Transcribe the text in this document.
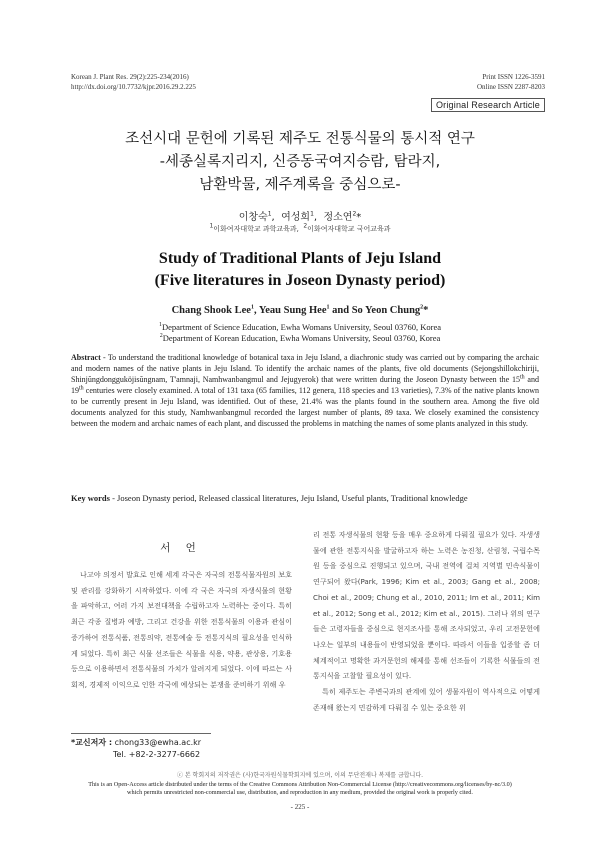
Korean J. Plant Res. 29(2):225-234(2016)
http://dx.doi.org/10.7732/kjpr.2016.29.2.225
Print ISSN 1226-3591
Online ISSN 2287-8203
Original Research Article
조선시대 문헌에 기록된 제주도 전통식물의 통시적 연구
-세종실록지리지, 신증동국여지승람, 탐라지,
남환박물, 제주계록을 중심으로-
이창숙$^1$,  여성희$^1$,  정소연$^2$*
$^1$이화여자대학교 과학교육과, $^2$이화여자대학교 국어교육과
Study of Traditional Plants of Jeju Island
(Five literatures in Joseon Dynasty period)
Chang Shook Lee$^1$, Yeau Sung Hee$^1$ and So Yeon Chung$^2$*
$^1$Department of Science Education, Ewha Womans University, Seoul 03760, Korea
$^2$Department of Korean Education, Ewha Womans University, Seoul 03760, Korea
Abstract - To understand the traditional knowledge of botanical taxa in Jeju Island, a diachronic study was carried out by comparing the archaic and modern names of the native plants in Jeju Island. To identify the archaic names of the plants, five old documents (Sejongshillokchiriji, Shinjŭngdongguköjisŭngnam, T'amnaji, Namhwanbangmul and Jejugyerok) that were written during the Joseon Dynasty between the 15th and 19th centuries were closely examined. A total of 131 taxa (65 families, 112 genera, 118 species and 13 varieties), 7.3% of the native plants known to be currently present in Jeju Island, was identified. Out of these, 21.4% was the plants found in the southern area. Among the five old documents analyzed for this study, Namhwanbangmul recorded the largest number of plants, 89 taxa. We closely examined the consistency between the modern and archaic names of each plant, and discussed the problems in matching the names of some plants analyzed in this study.
Key words - Joseon Dynasty period, Released classical literatures, Jeju Island, Useful plants, Traditional knowledge
서 언

나고야 의정서 발효로 인해 세계 각국은 자국의 전통식물자원의 보호 및 관리를 강화하기 시작하였다. 이에 각 국은 자국의 자생식물의 현황을 파악하고, 여러 가지 보전대책을 수립하고자 노력하는 중이다. 특히 최근 각종 질병과 예방, 그리고 건강을 위한 전통식물의 이용과 관심이 증가하여 전통식품, 전통의약, 전통예술 등 전통지식의 필요성을 인식하게 되었다. 특히 최근 식물 선조들은 식물을 식용, 약용, 관상용, 기호용 등으로 이용하면서 전통식물의 가치가 알려지게 되었다. 이에 따르는 사회적, 경제적 이익으로 인한 각국에 예상되는 분쟁을 준비하기 위해 우

리 전통 자생식물의 현황 등을 매우 중요하게 다뤄질 필요가 있다. 자생생물에 관한 전통지식을 발굴하고자 하는 노력은 농진청, 산림청, 국립수목원 등을 중심으로 진행되고 있으며, 국내 전역에 걸쳐 지역별 민속식물이 연구되어 왔다(Park, 1996; Kim et al., 2003; Gang et al., 2008; Choi et al., 2009; Chung et al., 2010, 2011; Im et al., 2011; Kim et al., 2012; Song et al., 2012; Kim et al., 2015). 그러나 위의 연구들은 고령자들을 중심으로 현지조사를 통해 조사되었고, 우리 고전문헌에 나오는 일부의 내용들이 반영되었을 뿐이다. 따라서 이들을 입증할 좀 더 체계적이고 명확한 과거문헌의 해제를 통해 선조들이 기록한 식물들의 전통지식을 고찰할 필요성이 있다.

특히 제주도는 주변국과의 관계에 있어 생물자원이 역사적으로 어떻게 존재해 왔는지 민감하게 다뤄질 수 있는 중요한 위

*교신저자 : chong33@ewha.ac.kr
Tel. +82-2-3277-6662
ⓒ 본 학회지의 저작권은 (사)한국자원식물학회지에 있으며, 이의 무단전재나 복제를 금합니다.
This is an Open-Access article distributed under the terms of the Creative Commons Attribution Non-Commercial License (http://creativecommons.org/licenses/by-nc/3.0)
which permits unrestricted non-commercial use, distribution, and reproduction in any medium, provided the original work is properly cited.
- 225 -
